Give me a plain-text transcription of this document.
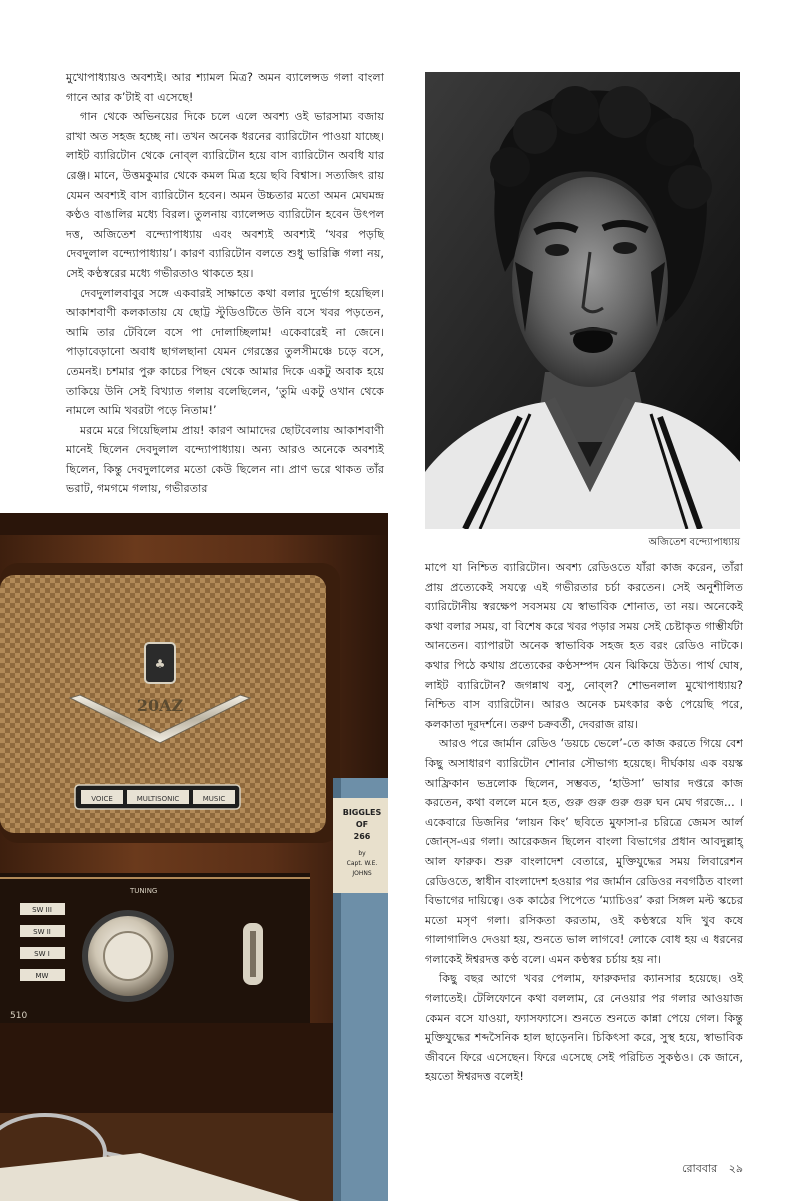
মুখোপাধ্যায়ও অবশ্যই। আর শ্যামল মিত্র? অমন ব্যালেন্সড গলা বাংলা গানে আর ক’টাই বা এসেছে!

গান থেকে অভিনয়ের দিকে চলে এলে অবশ্য ওই ভারসাম্য বজায় রাখা অত সহজ হচ্ছে না। তখন অনেক ধরনের ব্যারিটোন পাওয়া যাচ্ছে। লাইট ব্যারিটোন থেকে নোব্‌ল ব্যারিটোন হয়ে বাস ব্যারিটোন অবধি যার রেঞ্জ। মানে, উত্তমকুমার থেকে কমল মিত্র হয়ে ছবি বিশ্বাস। সত্যজিৎ রায় যেমন অবশ্যই বাস ব্যারিটোন হবেন। অমন উচ্চতার মতো অমন মেঘমন্দ্র কণ্ঠও বাঙালির মধ্যে বিরল। তুলনায় ব্যালেন্সড ব্যারিটোন হবেন উৎপল দত্ত, অজিতেশ বন্দ্যোপাধ্যায় এবং অবশ্যই অবশ্যই ‘খবর পড়ছি দেবদুলাল বন্দ্যোপাধ্যায়’। কারণ ব্যারিটোন বলতে শুধু ভারিক্কি গলা নয়, সেই কণ্ঠস্বরের মধ্যে গভীরতাও থাকতে হয়।

দেবদুলালবাবুর সঙ্গে একবারই সাক্ষাতে কথা বলার দুর্ভোগ হয়েছিল। আকাশবাণী কলকাতায় যে ছোট্ট স্টুডিওটিতে উনি বসে খবর পড়তেন, আমি তার টেবিলে বসে পা দোলাচ্ছিলাম! একেবারেই না জেনে। পাড়াবেড়ানো অবাধ ছাগলছানা যেমন গেরস্তের তুলসীমঞ্চে চড়ে বসে, তেমনই। চশমার পুরু কাচের পিছন থেকে আমার দিকে একটু অবাক হয়ে তাকিয়ে উনি সেই বিখ্যাত গলায় বলেছিলেন, ‘তুমি একটু ওখান থেকে নামলে আমি খবরটা পড়ে নিতাম!’

মরমে মরে গিয়েছিলাম প্রায়! কারণ আমাদের ছোটবেলায় আকাশবাণী মানেই ছিলেন দেবদুলাল বন্দ্যোপাধ্যায়। অন্য আরও অনেকে অবশ্যই ছিলেন, কিন্তু দেবদুলালের মতো কেউ ছিলেন না। প্রাণ ভরে থাকত তাঁর ভরাট, গমগমে গলায়, গভীরতার

অজিতেশ বন্দ্যোপাধ্যায়
♣
20AZ
VOICE	MULTISONIC	MUSIC
TUNING
SW III
SW II
SW I
MW
510
BIGGLES
OF
266
by
Capt. W.E.
JOHNS

মাপে যা নিশ্চিত ব্যারিটোন। অবশ্য রেডিওতে যাঁরা কাজ করেন, তাঁরা প্রায় প্রত্যেকেই সযত্নে এই গভীরতার চর্চা করতেন। সেই অনুশীলিত ব্যারিটোনীয় স্বরক্ষেপ সবসময় যে স্বাভাবিক শোনাত, তা নয়। অনেকেই কথা বলার সময়, বা বিশেষ করে খবর পড়ার সময় সেই চেষ্টাকৃত গাম্ভীর্যটা আনতেন। ব্যাপারটা অনেক স্বাভাবিক সহজ হত বরং রেডিও নাটকে। কথার পিঠে কথায় প্রত্যেকের কণ্ঠসম্পদ যেন ঝিকিয়ে উঠত। পার্থ ঘোষ, লাইট ব্যারিটোন? জগন্নাথ বসু, নোব্‌ল? শোভনলাল মুখোপাধ্যায়? নিশ্চিত বাস ব্যারিটোন। আরও অনেক চমৎকার কণ্ঠ পেয়েছি পরে, কলকাতা দূরদর্শনে। তরুণ চক্রবর্তী, দেবরাজ রায়।

আরও পরে জার্মান রেডিও ‘ডয়চে ভেলে’-তে কাজ করতে গিয়ে বেশ কিছু অসাধারণ ব্যারিটোন শোনার সৌভাগ্য হয়েছে। দীর্ঘকায় এক বয়স্ক আফ্রিকান ভদ্রলোক ছিলেন, সম্ভবত, ‘হাউসা’ ভাষার দপ্তরে কাজ করতেন, কথা বললে মনে হত, গুরু গুরু গুরু গুরু ঘন মেঘ গরজে... । একেবারে ডিজনির ‘লায়ন কিং’ ছবিতে মুফাসা-র চরিত্রে জেমস আর্ল জোন্‌স-এর গলা। আরেকজন ছিলেন বাংলা বিভাগের প্রধান আবদুল্লাহ্‌ আল ফারুক। শুরু বাংলাদেশ বেতারে, মুক্তিযুদ্ধের সময় লিবারেশন রেডিওতে, স্বাধীন বাংলাদেশ হওয়ার পর জার্মান রেডিওর নবগঠিত বাংলা বিভাগের দায়িত্বে। ওক কাঠের পিপেতে ‘ম্যাচিওর’ করা সিঙ্গল মল্ট স্কচের মতো মসৃণ গলা। রসিকতা করতাম, ওই কণ্ঠস্বরে যদি খুব কষে গালাগালিও দেওয়া হয়, শুনতে ভাল লাগবে! লোকে বোধ হয় এ ধরনের গলাকেই ঈশ্বরদত্ত কণ্ঠ বলে। এমন কণ্ঠস্বর চর্চায় হয় না।

কিছু বছর আগে খবর পেলাম, ফারুকদার ক্যানসার হয়েছে। ওই গলাতেই। টেলিফোনে কথা বললাম, রে নেওয়ার পর গলার আওয়াজ কেমন বসে যাওয়া, ফ্যাসফ্যাসে। শুনতে শুনতে কান্না পেয়ে গেল। কিন্তু মুক্তিযুদ্ধের শব্দসৈনিক হাল ছাড়েননি। চিকিৎসা করে, সুস্থ হয়ে, স্বাভাবিক জীবনে ফিরে এসেছেন। ফিরে এসেছে সেই পরিচিত সুকণ্ঠও। কে জানে, হয়তো ঈশ্বরদত্ত বলেই!

রোববার ২৯
